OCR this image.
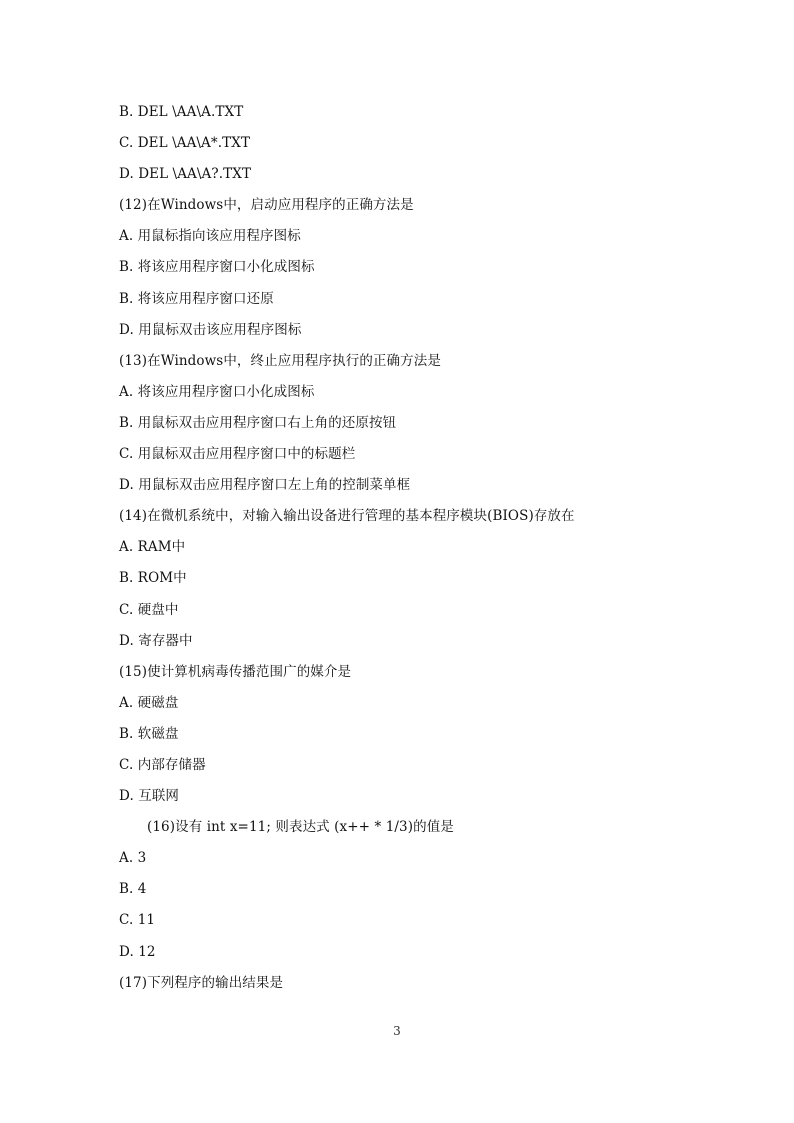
B. DEL \AA\A.TXT
C. DEL \AA\A*.TXT
D. DEL \AA\A?.TXT
(12)在Windows中，启动应用程序的正确方法是
A. 用鼠标指向该应用程序图标
B. 将该应用程序窗口小化成图标
B. 将该应用程序窗口还原
D. 用鼠标双击该应用程序图标
(13)在Windows中，终止应用程序执行的正确方法是
A. 将该应用程序窗口小化成图标
B. 用鼠标双击应用程序窗口右上角的还原按钮
C. 用鼠标双击应用程序窗口中的标题栏
D. 用鼠标双击应用程序窗口左上角的控制菜单框
(14)在微机系统中，对输入输出设备进行管理的基本程序模块(BIOS)存放在
A. RAM中
B. ROM中
C. 硬盘中
D. 寄存器中
(15)使计算机病毒传播范围广的媒介是
A. 硬磁盘
B. 软磁盘
C. 内部存储器
D. 互联网
(16)设有 int x=11; 则表达式 (x++ * 1/3)的值是
A. 3
B. 4
C. 11
D. 12
(17)下列程序的输出结果是
3
